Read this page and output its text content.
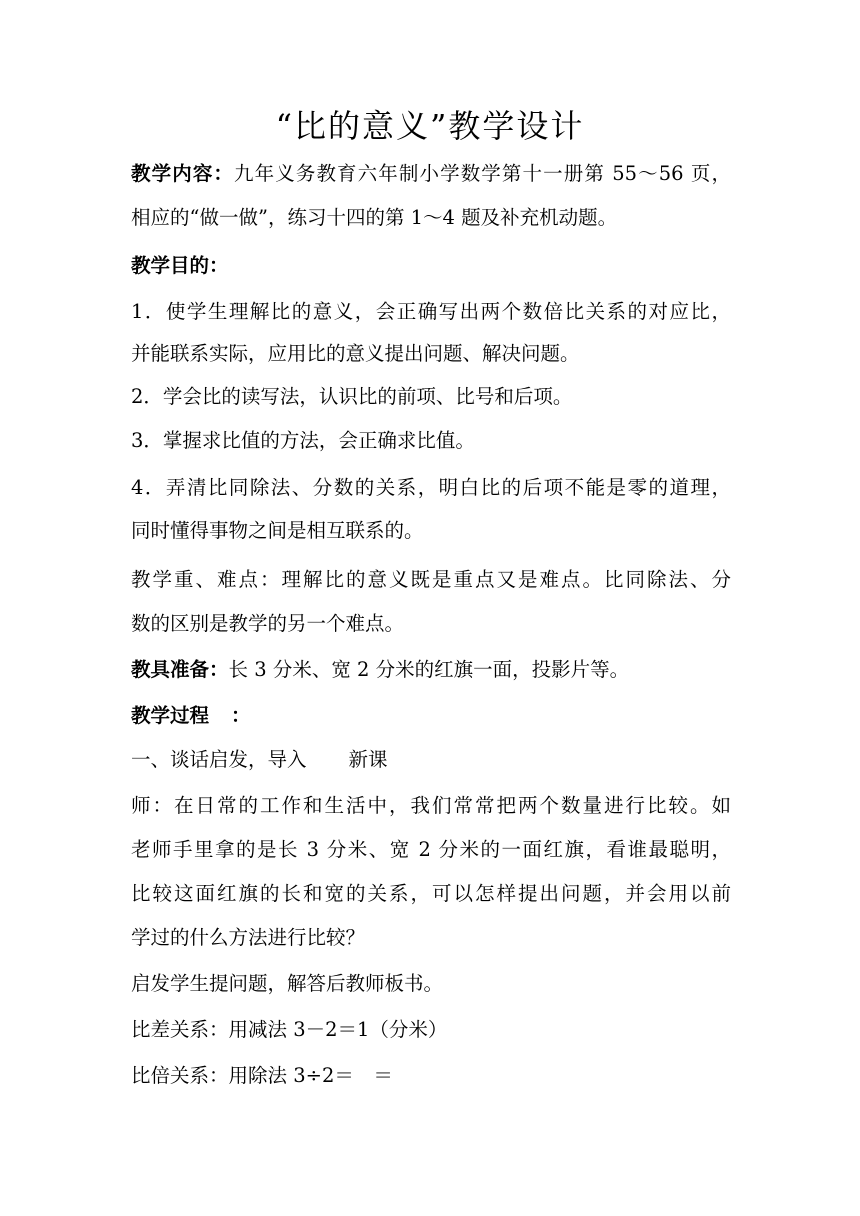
“比的意义”教学设计
教学内容：九年义务教育六年制小学数学第十一册第 55～56 页，
相应的“做一做”，练习十四的第 1～4 题及补充机动题。
教学目的：
1．使学生理解比的意义，会正确写出两个数倍比关系的对应比，
并能联系实际，应用比的意义提出问题、解决问题。
2．学会比的读写法，认识比的前项、比号和后项。
3．掌握求比值的方法，会正确求比值。
4．弄清比同除法、分数的关系，明白比的后项不能是零的道理，
同时懂得事物之间是相互联系的。
教学重、难点：理解比的意义既是重点又是难点。比同除法、分
数的区别是教学的另一个难点。
教具准备：长 3 分米、宽 2 分米的红旗一面，投影片等。
教学过程 ：
一、谈话启发，导入 新课
师：在日常的工作和生活中，我们常常把两个数量进行比较。如
老师手里拿的是长 3 分米、宽 2 分米的一面红旗，看谁最聪明，
比较这面红旗的长和宽的关系，可以怎样提出问题，并会用以前
学过的什么方法进行比较？
启发学生提问题，解答后教师板书。
比差关系：用减法 3－2＝1（分米）
比倍关系：用除法 3÷2＝　＝
